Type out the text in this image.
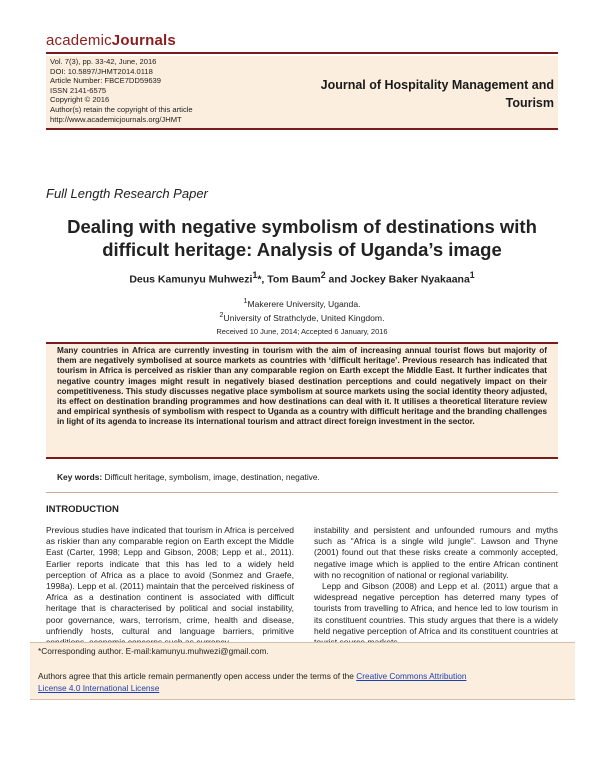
academicJournals
Vol. 7(3), pp. 33-42, June, 2016
DOI: 10.5897/JHMT2014.0118
Article Number: FBCE7DD59639
ISSN 2141-6575
Copyright © 2016
Author(s) retain the copyright of this article
http://www.academicjournals.org/JHMT
Journal of Hospitality Management and
Tourism
Full Length Research Paper
Dealing with negative symbolism of destinations with
difficult heritage: Analysis of Uganda’s image
Deus Kamunyu Muhwezi$^1$*, Tom Baum$^2$ and Jockey Baker Nyakaana$^1$
$^1$Makerere University, Uganda.
$^2$University of Strathclyde, United Kingdom.
Received 10 June, 2014; Accepted 6 January, 2016
Many countries in Africa are currently investing in tourism with the aim of increasing annual tourist flows but majority of them are negatively symbolised at source markets as countries with ‘difficult heritage’. Previous research has indicated that tourism in Africa is perceived as riskier than any comparable region on Earth except the Middle East. It further indicates that negative country images might result in negatively biased destination perceptions and could negatively impact on their competitiveness. This study discusses negative place symbolism at source markets using the social identity theory adjusted, its effect on destination branding programmes and how destinations can deal with it. It utilises a theoretical literature review and empirical synthesis of symbolism with respect to Uganda as a country with difficult heritage and the branding challenges in light of its agenda to increase its international tourism and attract direct foreign investment in the sector.
Key words: Difficult heritage, symbolism, image, destination, negative.
INTRODUCTION
Previous studies have indicated that tourism in Africa is perceived as riskier than any comparable region on Earth except the Middle East (Carter, 1998; Lepp and Gibson, 2008; Lepp et al., 2011). Earlier reports indicate that this has led to a widely held perception of Africa as a place to avoid (Sonmez and Graefe, 1998a). Lepp et al. (2011) maintain that the perceived riskiness of Africa as a destination continent is associated with difficult heritage that is characterised by political and social instability, poor governance, wars, terrorism, crime, health and disease, unfriendly hosts, cultural and language barriers, primitive
instability and persistent and unfounded rumours and myths such as “Africa is a single wild jungle”. Lawson and Thyne (2001) found out that these risks create a commonly accepted, negative image which is applied to the entire African continent with no recognition of national or regional variability.
Lepp and Gibson (2008) and Lepp et al. (2011) argue that a widespread negative perception has deterred many types of tourists from travelling to Africa, and hence led to low tourism in its constituent countries. This study argues that there is a widely held negative perception of Africa and its constituent countries at
*Corresponding author. E-mail:kamunyu.muhwezi@gmail.com.
Authors agree that this article remain permanently open access under the terms of the Creative Commons Attribution
License 4.0 International License
